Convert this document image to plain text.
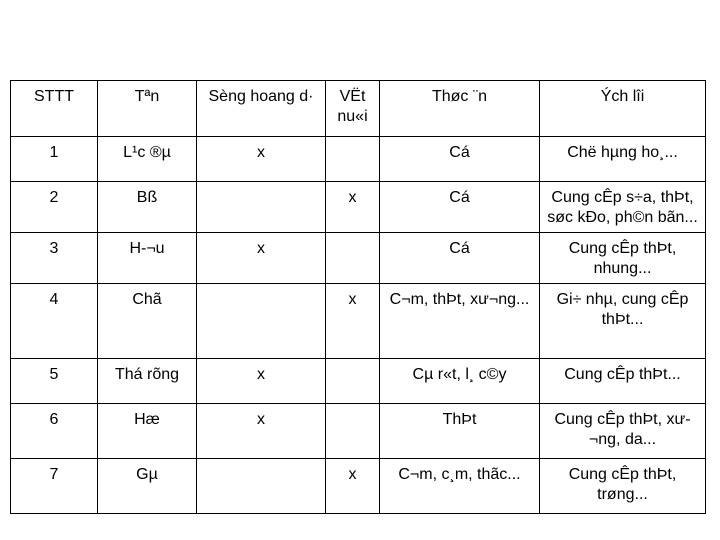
STTT	Tªn	Sèng hoang d·	VËt nu«i	Thøc ¨n	Ých lîi
1	L¹c ®µ	x		Cá	Chë hµng ho¸...
2	Bß		x	Cá	Cung cÊp s÷a, thÞt, søc kÐo, ph©n bãn...
3	H-¬u	x		Cá	Cung cÊp thÞt, nhung...
4	Chã		x	C¬m, thÞt, xư¬ng...	Gi÷ nhµ, cung cÊp thÞt...
5	Thá rõng	x		Cµ r«t, l¸ c©y	Cung cÊp thÞt...
6	Hæ	x		ThÞt	Cung cÊp thÞt, xư-¬ng, da...
7	Gµ		x	C¬m, c¸m, thãc...	Cung cÊp thÞt, trøng...
